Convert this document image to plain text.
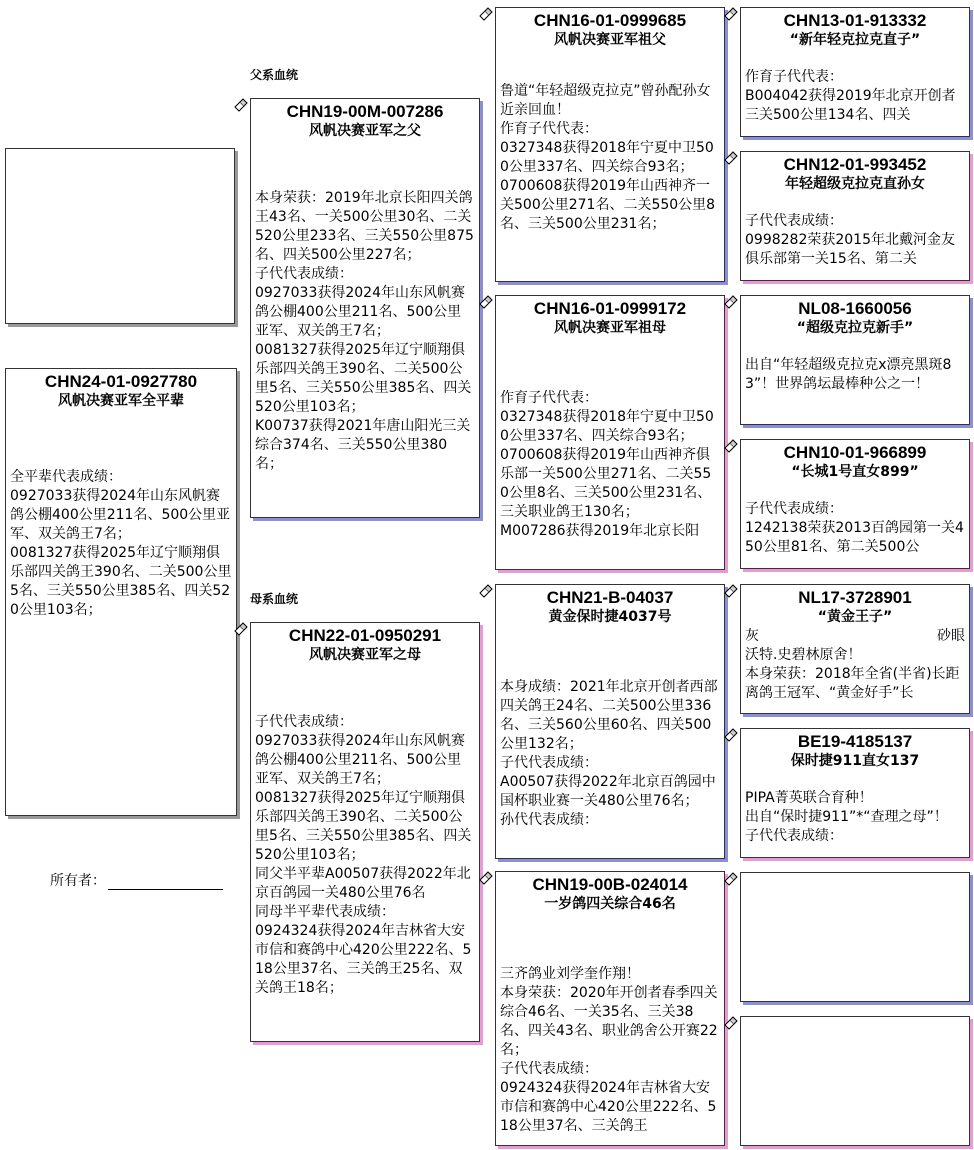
父系血统
母系血统
CHN24-01-0927780
风帆决赛亚军全平辈
全平辈代表成绩：
0927033获得2024年山东风帆赛鸽公棚400公里211名、500公里亚军、双关鸽王7名；
0081327获得2025年辽宁顺翔俱乐部四关鸽王390名、二关500公里5名、三关550公里385名、四关520公里103名；
所有者：
CHN19-00M-007286
风帆决赛亚军之父
本身荣获：2019年北京长阳四关鸽王43名、一关500公里30名、二关520公里233名、三关550公里875名、四关500公里227名；
子代代表成绩：
0927033获得2024年山东风帆赛鸽公棚400公里211名、500公里亚军、双关鸽王7名；
0081327获得2025年辽宁顺翔俱乐部四关鸽王390名、二关500公里5名、三关550公里385名、四关520公里103名；
K00737获得2021年唐山阳光三关综合374名、三关550公里380名；
CHN22-01-0950291
风帆决赛亚军之母
子代代表成绩：
0927033获得2024年山东风帆赛鸽公棚400公里211名、500公里亚军、双关鸽王7名；
0081327获得2025年辽宁顺翔俱乐部四关鸽王390名、二关500公里5名、三关550公里385名、四关520公里103名；
同父半平辈A00507获得2022年北京百鸽园一关480公里76名
同母半平辈代表成绩：
0924324获得2024年吉林省大安市信和赛鸽中心420公里222名、518公里37名、三关鸽王25名、双关鸽王18名；
CHN16-01-0999685
风帆决赛亚军祖父
鲁道“年轻超级克拉克”曾孙配孙女近亲回血！
作育子代代表：
0327348获得2018年宁夏中卫500公里337名、四关综合93名；
0700608获得2019年山西神齐一关500公里271名、二关550公里8名、三关500公里231名；
CHN16-01-0999172
风帆决赛亚军祖母
作育子代代表：
0327348获得2018年宁夏中卫500公里337名、四关综合93名；
0700608获得2019年山西神齐俱乐部一关500公里271名、二关550公里8名、三关500公里231名、三关职业鸽王130名；
M007286获得2019年北京长阳
CHN21-B-04037
黄金保时捷4037号
本身成绩：2021年北京开创者西部四关鸽王24名、二关500公里336名、三关560公里60名、四关500公里132名；
子代代表成绩：
A00507获得2022年北京百鸽园中国杯职业赛一关480公里76名；
孙代代表成绩：
CHN19-00B-024014
一岁鸽四关综合46名
三齐鸽业刘学奎作翔！
本身荣获：2020年开创者春季四关综合46名、一关35名、三关38名、四关43名、职业鸽舍公开赛22名；
子代代表成绩：
0924324获得2024年吉林省大安市信和赛鸽中心420公里222名、518公里37名、三关鸽王
CHN13-01-913332
“新年轻克拉克直子”
作育子代代表：
B004042获得2019年北京开创者三关500公里134名、四关
CHN12-01-993452
年轻超级克拉克直孙女
子代代表成绩：
0998282荣获2015年北戴河金友俱乐部第一关15名、第二关
NL08-1660056
“超级克拉克新手”
出自“年轻超级克拉克x漂亮黑斑83”！世界鸽坛最棒种公之一！
CHN10-01-966899
“长城1号直女899”
子代代表成绩：
1242138荣获2013百鸽园第一关450公里81名、第二关500公
NL17-3728901
“黄金王子”
灰	砂眼
沃特.史碧林原舍！
本身荣获：2018年全省(半省)长距离鸽王冠军、“黄金好手”长
BE19-4185137
保时捷911直女137
PIPA菁英联合育种！
出自“保时捷911”*“查理之母”！
子代代表成绩：
